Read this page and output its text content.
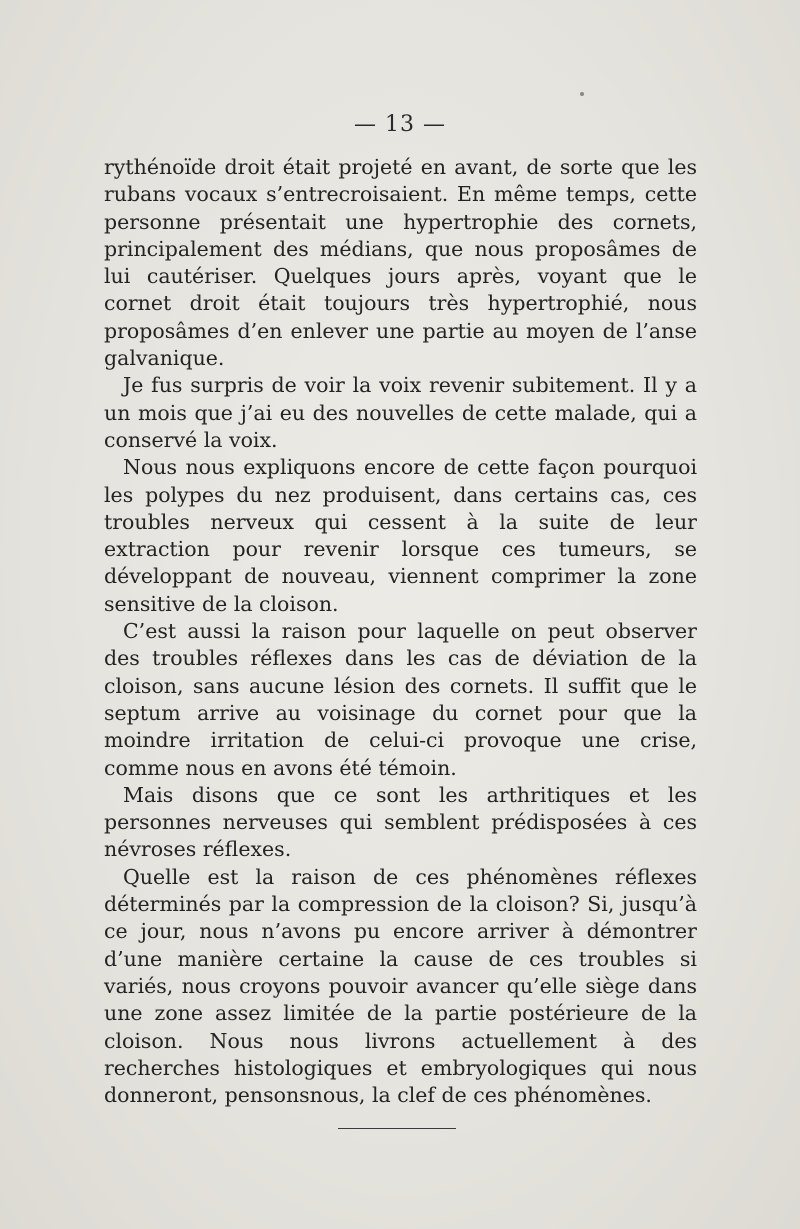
— 13 —

rythénoïde droit était projeté en avant, de sorte que les rubans vocaux s’entrecroisaient. En même temps, cette personne présentait une hypertrophie des cornets, principalement des médians, que nous proposâmes de lui cautériser. Quelques jours après, voyant que le cornet droit était toujours très hypertrophié, nous proposâmes d’en enlever une partie au moyen de l’anse galvanique.

Je fus surpris de voir la voix revenir subitement. Il y a un mois que j’ai eu des nouvelles de cette malade, qui a conservé la voix.

Nous nous expliquons encore de cette façon pourquoi les polypes du nez produisent, dans certains cas, ces troubles nerveux qui cessent à la suite de leur extraction pour revenir lorsque ces tumeurs, se développant de nouveau, viennent comprimer la zone sensitive de la cloison.

C’est aussi la raison pour laquelle on peut observer des troubles réflexes dans les cas de déviation de la cloison, sans aucune lésion des cornets. Il suffit que le septum arrive au voisinage du cornet pour que la moindre irritation de celui-ci provoque une crise, comme nous en avons été témoin.

Mais disons que ce sont les arthritiques et les personnes nerveuses qui semblent prédisposées à ces névroses réflexes.

Quelle est la raison de ces phénomènes réflexes déterminés par la compression de la cloison? Si, jusqu’à ce jour, nous n’avons pu encore arriver à démontrer d’une manière certaine la cause de ces troubles si variés, nous croyons pouvoir avancer qu’elle siège dans une zone assez limitée de la partie postérieure de la cloison. Nous nous livrons actuellement à des recherches histologiques et embryologiques qui nous donneront, pensonsnous, la clef de ces phénomènes.
